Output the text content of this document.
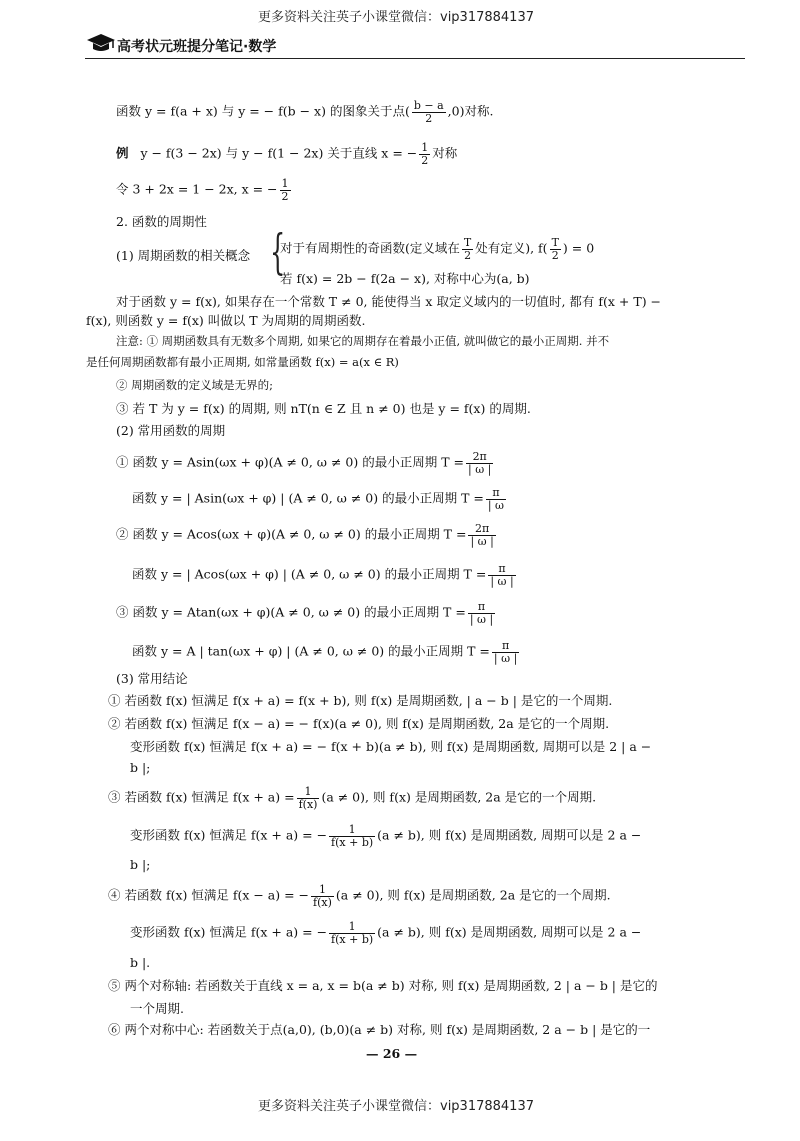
更多资料关注英子小课堂微信：vip317884137
高考状元班提分笔记·数学
函数 y = f(a + x) 与 y = − f(b − x) 的图象关于点( $\frac{b - a}{2} ,0$)对称.
例 y − f(3 − 2x) 与 y − f(1 − 2x) 关于直线 x = − $\frac{1}{2}$ 对称
令 3 + 2x = 1 − 2x, x = − $\frac{1}{2}$
2. 函数的周期性
(1) 周期函数的相关概念 {
对于有周期性的奇函数(定义域在 $\frac{T}{2}$ 处有定义), $f( \frac{T}{2}$ ) = 0
若 f(x) = 2b − f(2a − x), 对称中心为(a, b)
对于函数 y = f(x), 如果存在一个常数 T ≠ 0, 能使得当 x 取定义域内的一切值时, 都有 f(x + T) −
f(x), 则函数 y = f(x) 叫做以 T 为周期的周期函数.
注意: ① 周期函数具有无数多个周期, 如果它的周期存在着最小正值, 就叫做它的最小正周期. 并不
是任何周期函数都有最小正周期, 如常量函数 f(x) = a(x ∈ R)
② 周期函数的定义域是无界的;
③ 若 T 为 y = f(x) 的周期, 则 nT(n ∈ Z 且 n ≠ 0) 也是 y = f(x) 的周期.
(2) 常用函数的周期
① 函数 y = Asin(ωx + φ)(A ≠ 0, ω ≠ 0) 的最小正周期 $T = \frac{2\pi}{| \omega |}$
函数 y = | Asin(ωx + φ) | (A ≠ 0, ω ≠ 0) 的最小正周期 $T = \frac{\pi}{| \omega}$
② 函数 y = Acos(ωx + φ)(A ≠ 0, ω ≠ 0) 的最小正周期 $T = \frac{2\pi}{| \omega |}$
函数 y = | Acos(ωx + φ) | (A ≠ 0, ω ≠ 0) 的最小正周期 $T = \frac{\pi}{| \omega |}$
③ 函数 y = Atan(ωx + φ)(A ≠ 0, ω ≠ 0) 的最小正周期 $T = \frac{\pi}{| \omega |}$
函数 y = A | tan(ωx + φ) | (A ≠ 0, ω ≠ 0) 的最小正周期 $T = \frac{\pi}{| \omega |}$
(3) 常用结论
① 若函数 f(x) 恒满足 f(x + a) = f(x + b), 则 f(x) 是周期函数, | a − b | 是它的一个周期.
② 若函数 f(x) 恒满足 f(x − a) = − f(x)(a ≠ 0), 则 f(x) 是周期函数, 2a 是它的一个周期.
变形函数 f(x) 恒满足 f(x + a) = − f(x + b)(a ≠ b), 则 f(x) 是周期函数, 周期可以是 2 | a −
b |;
③ 若函数 f(x) 恒满足 $f(x + a) = \frac{1}{f(x)} (a \ne 0)$, 则 f(x) 是周期函数, 2a 是它的一个周期.
变形函数 f(x) 恒满足 f(x + a) = − $\frac{1}{f(x + b)} (a \ne b)$, 则 f(x) 是周期函数, 周期可以是 2 a −
b |;
④ 若函数 f(x) 恒满足 f(x − a) = − $\frac{1}{f(x)} (a \ne 0)$, 则 f(x) 是周期函数, 2a 是它的一个周期.
变形函数 f(x) 恒满足 f(x + a) = − $\frac{1}{f(x + b)} (a \ne b)$, 则 f(x) 是周期函数, 周期可以是 2 a −
b |.
⑤ 两个对称轴: 若函数关于直线 x = a, x = b(a ≠ b) 对称, 则 f(x) 是周期函数, 2 | a − b | 是它的
一个周期.
⑥ 两个对称中心: 若函数关于点(a,0), (b,0)(a ≠ b) 对称, 则 f(x) 是周期函数, 2 a − b | 是它的一
— 26 —
更多资料关注英子小课堂微信：vip317884137
